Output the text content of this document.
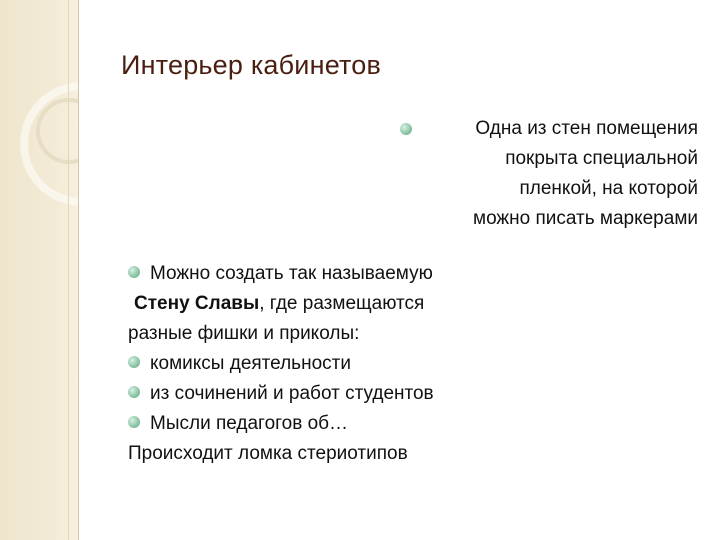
Интерьер кабинетов
Одна из стен помещения
покрыта специальной
пленкой, на которой
можно писать маркерами
Можно создать так называемую
Стену Славы, где размещаются
разные фишки и приколы:
комиксы деятельности
из сочинений и работ студентов
Мысли педагогов об…
Происходит ломка стериотипов
